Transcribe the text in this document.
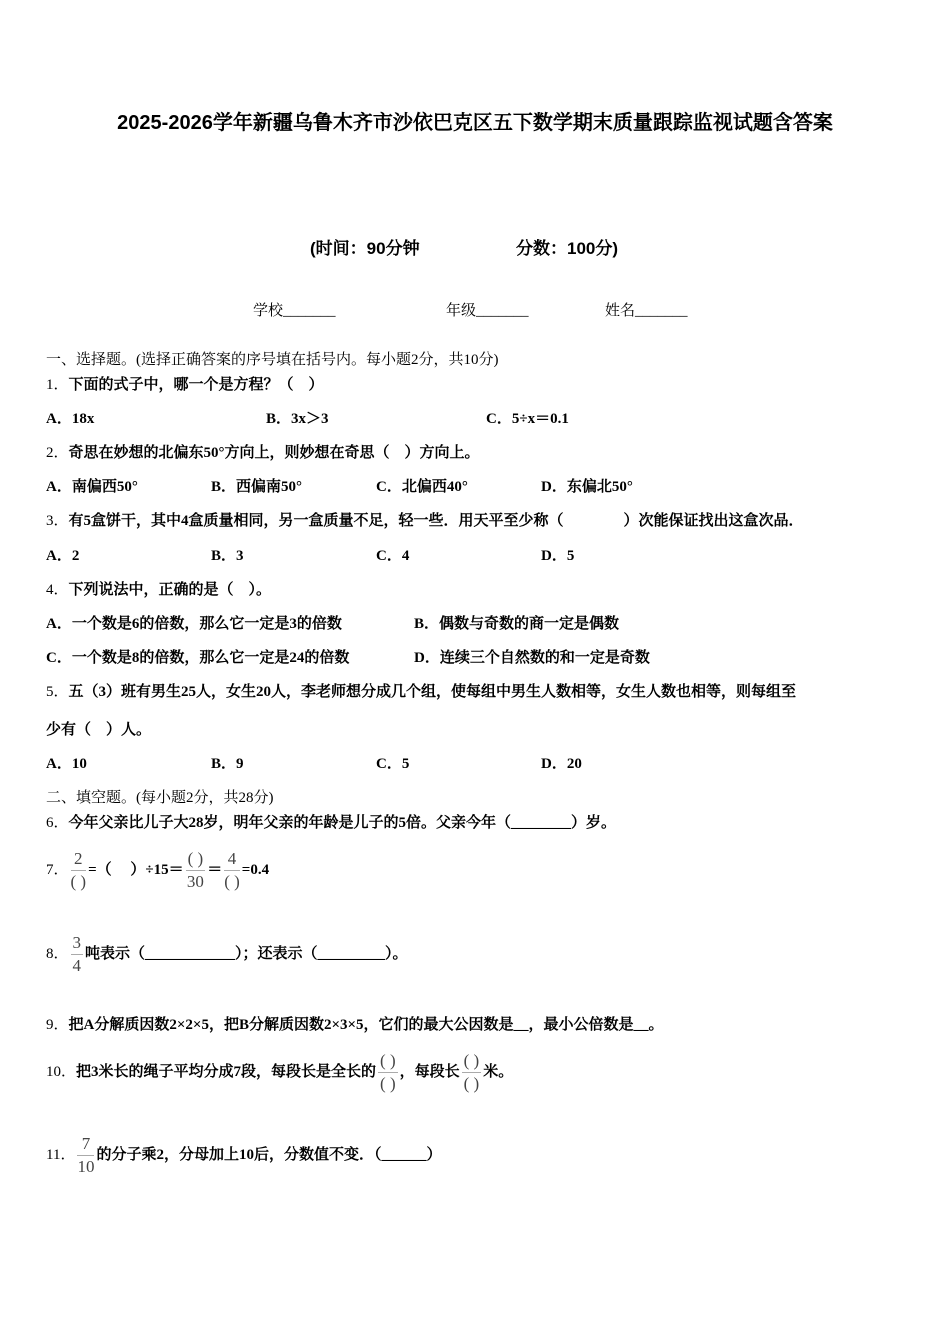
2025-2026学年新疆乌鲁木齐市沙依巴克区五下数学期末质量跟踪监视试题含答案
(时间：90分钟	分数：100分)
学校_______	年级_______	姓名_______
一、选择题。(选择正确答案的序号填在括号内。每小题2分，共10分)
1．下面的式子中，哪一个是方程？（　）
A．18x	B．3x＞3	C．5÷x＝0.1
2．奇思在妙想的北偏东50°方向上，则妙想在奇思（　）方向上。
A．南偏西50°	B．西偏南50°	C．北偏西40°	D．东偏北50°
3．有5盒饼干，其中4盒质量相同，另一盒质量不足，轻一些．用天平至少称（　　　　）次能保证找出这盒次品．
A．2	B．3	C．4	D．5
4．下列说法中，正确的是（　）。
A．一个数是6的倍数，那么它一定是3的倍数	B．偶数与奇数的商一定是偶数
C．一个数是8的倍数，那么它一定是24的倍数	D．连续三个自然数的和一定是奇数
5．五（3）班有男生25人，女生20人，李老师想分成几个组，使每组中男生人数相等，女生人数也相等，则每组至
少有（　）人。
A．10	B．9	C．5	D．20
二、填空题。(每小题2分，共28分)
6．今年父亲比儿子大28岁，明年父亲的年龄是儿子的5倍。父亲今年（________）岁。
7． $\frac{2}{( )}$ =（　 ）$\div 15= \frac{( )}{30} = \frac{4}{( )} =0.4$
8． $\frac{3}{4}$ 吨表示（____________）；还表示（_________）。
9．把A分解质因数2×2×5，把B分解质因数2×3×5，它们的最大公因数是__，最小公倍数是__。
10．把3米长的绳子平均分成7段，每段长是全长的 $\frac{( )}{( )}$ ，每段长 $\frac{( )}{( )}$ 米。
11． $\frac{7}{10}$ 的分子乘2，分母加上10后，分数值不变．（______）
